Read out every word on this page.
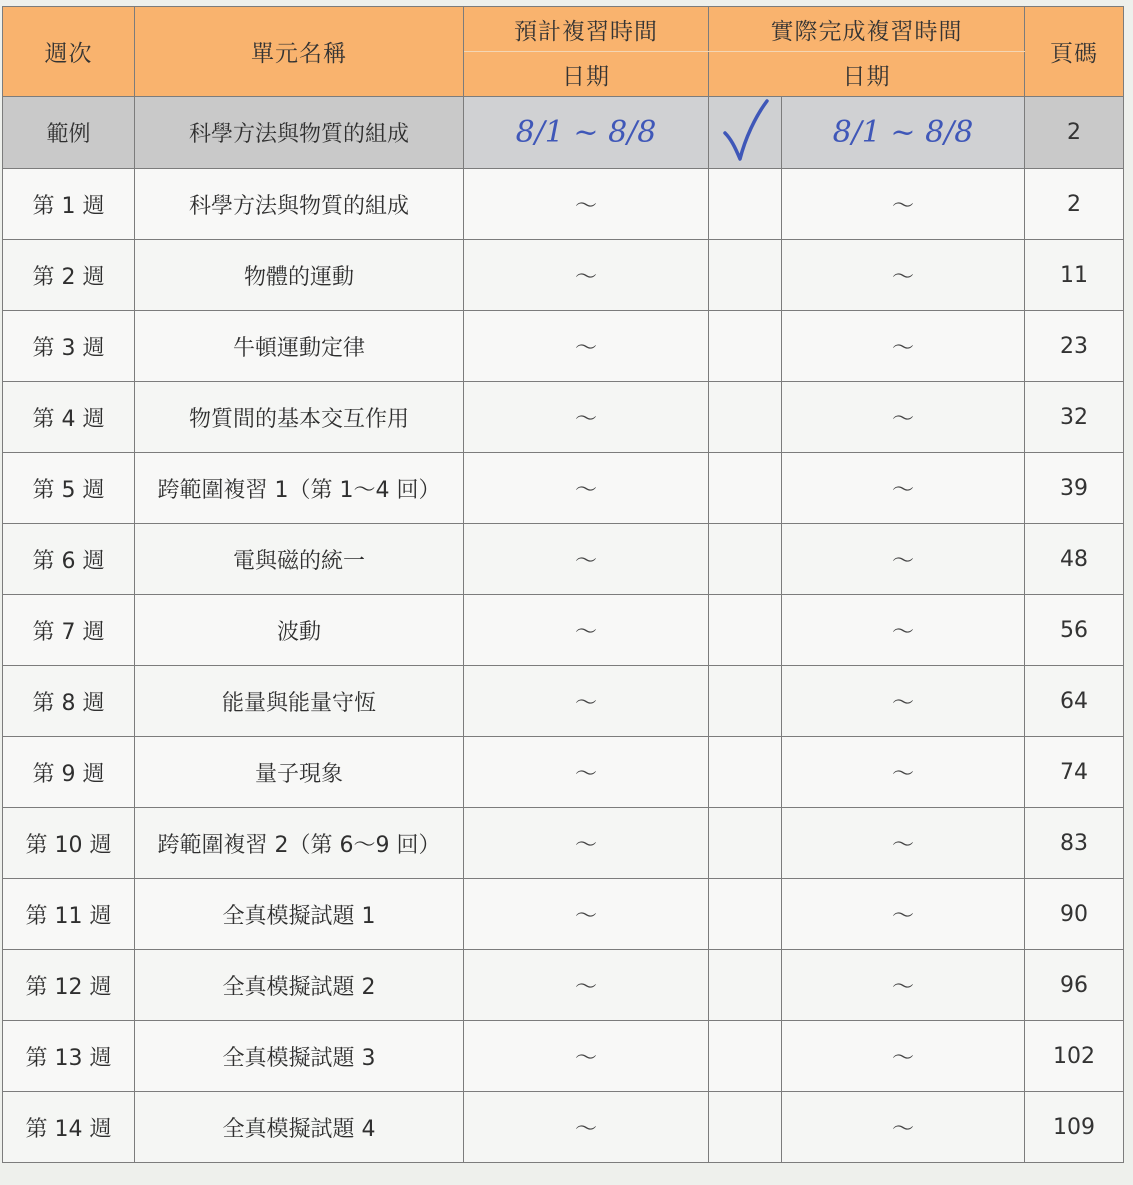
週次	單元名稱	預計複習時間	實際完成複習時間		頁碼
		日期	日期		
範例	科學方法與物質的組成	8/1 ~ 8/8		8/1 ~ 8/8	2
第 1 週	科學方法與物質的組成	～		～	2
第 2 週	物體的運動	～		～	11
第 3 週	牛頓運動定律	～		～	23
第 4 週	物質間的基本交互作用	～		～	32
第 5 週	跨範圍複習 1（第 1～4 回）	～		～	39
第 6 週	電與磁的統一	～		～	48
第 7 週	波動	～		～	56
第 8 週	能量與能量守恆	～		～	64
第 9 週	量子現象	～		～	74
第 10 週	跨範圍複習 2（第 6～9 回）	～		～	83
第 11 週	全真模擬試題 1	～		～	90
第 12 週	全真模擬試題 2	～		～	96
第 13 週	全真模擬試題 3	～		～	102
第 14 週	全真模擬試題 4	～		～	109
